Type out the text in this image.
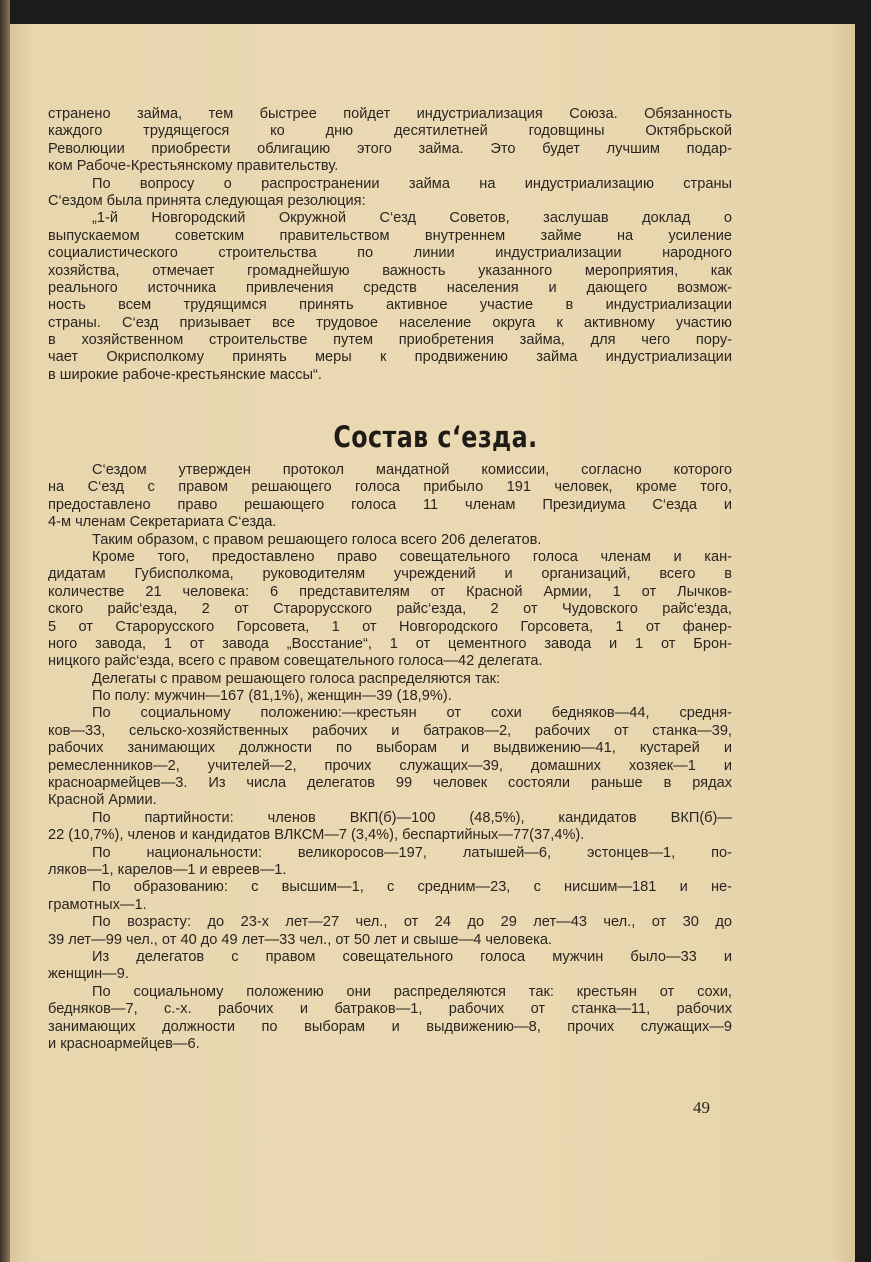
странено займа, тем быстрее пойдет индустриализация Союза. Обязанность
каждого трудящегося ко дню десятилетней годовщины Октябрьской
Революции приобрести облигацию этого займа. Это будет лучшим подар-
ком Рабоче-Крестьянскому правительству.
По вопросу о распространении займа на индустриализацию страны
С‘ездом была принята следующая резолюция:
„1-й Новгородский Окружной С‘езд Советов, заслушав доклад о
выпускаемом советским правительством внутреннем займе на усиление
социалистического строительства по линии индустриализации народного
хозяйства, отмечает громаднейшую важность указанного мероприятия, как
реального источника привлечения средств населения и дающего возмож-
ность всем трудящимся принять активное участие в индустриализации
страны. С‘езд призывает все трудовое население округа к активному участию
в хозяйственном строительстве путем приобретения займа, для чего пору-
чает Окрисполкому принять меры к продвижению займа индустриализации
в широкие рабоче-крестьянские массы“.
Состав с‘езда.
С‘ездом утвержден протокол мандатной комиссии, согласно которого
на С‘езд с правом решающего голоса прибыло 191 человек, кроме того,
предоставлено право решающего голоса 11 членам Президиума С‘езда и
4-м членам Секретариата С‘езда.
Таким образом, с правом решающего голоса всего 206 делегатов.
Кроме того, предоставлено право совещательного голоса членам и кан-
дидатам Губисполкома, руководителям учреждений и организаций, всего в
количестве 21 человека: 6 представителям от Красной Армии, 1 от Лычков-
ского райс‘езда, 2 от Старорусского райс‘езда, 2 от Чудовского райс‘езда,
5 от Старорусского Горсовета, 1 от Новгородского Горсовета, 1 от фанер-
ного завода, 1 от завода „Восстание“, 1 от цементного завода и 1 от Брон-
ницкого райс‘езда, всего с правом совещательного голоса—42 делегата.
Делегаты с правом решающего голоса распределяются так:
По полу: мужчин—167 (81,1%), женщин—39 (18,9%).
По социальному положению:—крестьян от сохи бедняков—44, средня-
ков—33, сельско-хозяйственных рабочих и батраков—2, рабочих от станка—39,
рабочих занимающих должности по выборам и выдвижению—41, кустарей и
ремесленников—2, учителей—2, прочих служащих—39, домашних хозяек—1 и
красноармейцев—3. Из числа делегатов 99 человек состояли раньше в рядах
Красной Армии.
По партийности: членов ВКП(б)—100 (48,5%), кандидатов ВКП(б)—
22 (10,7%), членов и кандидатов ВЛКСМ—7 (3,4%), беспартийных—77(37,4%).
По национальности: великоросов—197, латышей—6, эстонцев—1, по-
ляков—1, карелов—1 и евреев—1.
По образованию: с высшим—1, с средним—23, с нисшим—181 и не-
грамотных—1.
По возрасту: до 23-х лет—27 чел., от 24 до 29 лет—43 чел., от 30 до
39 лет—99 чел., от 40 до 49 лет—33 чел., от 50 лет и свыше—4 человека.
Из делегатов с правом совещательного голоса мужчин было—33 и
женщин—9.
По социальному положению они распределяются так: крестьян от сохи,
бедняков—7, с.-х. рабочих и батраков—1, рабочих от станка—11, рабочих
занимающих должности по выборам и выдвижению—8, прочих служащих—9
и красноармейцев—6.
49
